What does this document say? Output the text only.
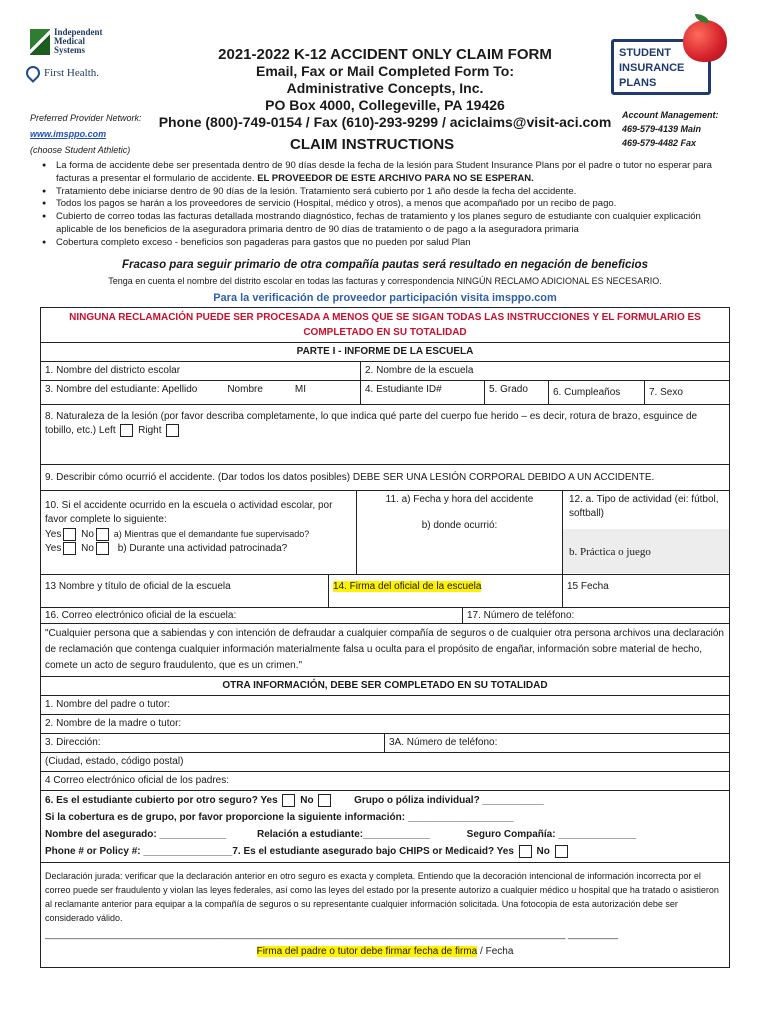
Independent
Medical
Systems
First Health.
Preferred Provider Network:
www.imsppo.com
(choose Student Athletic)
2021-2022 K-12 ACCIDENT ONLY CLAIM FORM
Email, Fax or Mail Completed Form To:
Administrative Concepts, Inc.
PO Box 4000, Collegeville, PA 19426
Phone (800)-749-0154 / Fax (610)-293-9299 / aciclaims@visit-aci.com
CLAIM INSTRUCTIONS
STUDENT
INSURANCE
PLANS
Account Management:
469-579-4139 Main
469-579-4482 Fax
● La forma de accidente debe ser presentada dentro de 90 días desde la fecha de la lesión para Student Insurance Plans por el padre o tutor no esperar para facturas a presentar el formulario de accidente. EL PROVEEDOR DE ESTE ARCHIVO PARA NO SE ESPERAN.
● Tratamiento debe iniciarse dentro de 90 días de la lesión. Tratamiento será cubierto por 1 año desde la fecha del accidente.
● Todos los pagos se harán a los proveedores de servicio (Hospital, médico y otros), a menos que acompañado por un recibo de pago.
● Cubierto de correo todas las facturas detallada mostrando diagnóstico, fechas de tratamiento y los planes seguro de estudiante con cualquier explicación aplicable de los beneficios de la aseguradora primaria dentro de 90 días de tratamiento o de pago a la aseguradora primaria
● Cobertura completo exceso - beneficios son pagaderas para gastos que no pueden por salud Plan
Fracaso para seguir primario de otra compañía pautas será resultado en negación de beneficios
Tenga en cuenta el nombre del distrito escolar en todas las facturas y correspondencia NINGÚN RECLAMO ADICIONAL ES NECESARIO.
Para la verificación de proveedor participación visita imsppo.com
NINGUNA RECLAMACIÓN PUEDE SER PROCESADA A MENOS QUE SE SIGAN TODAS LAS INSTRUCCIONES Y EL FORMULARIO ES COMPLETADO EN SU TOTALIDAD
PARTE I - INFORME DE LA ESCUELA
1. Nombre del districto escolar	2. Nombre de la escuela
3. Nombre del estudiante: Apellido	Nombre	MI	4. Estudiante ID#	5. Grado	6. Cumpleaños	7. Sexo
8. Naturaleza de la lesión (por favor describa completamente, lo que indica qué parte del cuerpo fue herido – es decir, rotura de brazo, esguince de tobillo, etc.) Left Right
9. Describir cómo ocurrió el accidente. (Dar todos los datos posibles) DEBE SER UNA LESIÓN CORPORAL DEBIDO A UN ACCIDENTE.
10. Si el accidente ocurrido en la escuela o actividad escolar, por favor complete lo siguiente:
Yes No a) Mientras que el demandante fue supervisado?
Yes No b) Durante una actividad patrocinada?
11. a) Fecha y hora del accidente
b) donde ocurrió:
12. a. Tipo de actividad (ei: fútbol, softball)
b. Práctica o juego
13 Nombre y título de oficial de la escuela	14. Firma del oficial de la escuela	15 Fecha
16. Correo electrónico oficial de la escuela:	17. Número de teléfono:
"Cualquier persona que a sabiendas y con intención de defraudar a cualquier compañía de seguros o de cualquier otra persona archivos una declaración de reclamación que contenga cualquier información materialmente falsa u oculta para el propósito de engañar, información sobre material de hecho, comete un acto de seguro fraudulento, que es un crimen."
OTRA INFORMACIÓN, DEBE SER COMPLETADO EN SU TOTALIDAD
1. Nombre del padre o tutor:
2. Nombre de la madre o tutor:
3. Dirección:	3A. Número de teléfono:
(Ciudad, estado, código postal)
4 Correo electrónico oficial de los padres:
6. Es el estudiante cubierto por otro seguro? Yes No	Grupo o póliza individual? ___________
Si la cobertura es de grupo, por favor proporcione la siguiente información: ___________________
Nombre del asegurado: ____________	Relación a estudiante:____________	Seguro Compañía: ______________
Phone # or Policy #: ________________7. Es el estudiante asegurado bajo CHIPS or Medicaid? Yes No
Declaración jurada: verificar que la declaración anterior en otro seguro es exacta y completa. Entiendo que la decoración intencional de información incorrecta por el correo puede ser fraudulento y violan las leyes federales, así como las leyes del estado por la presente autorizo a cualquier médico u hospital que ha tratado o asistieron al reclamante anterior para equipar a la compañía de seguros o su representante cualquier información solicitada. Una fotocopia de esta autorización debe ser considerado válido.
________________________________________________________________________________________________________ __________
Firma del padre o tutor debe firmar fecha de firma / Fecha
